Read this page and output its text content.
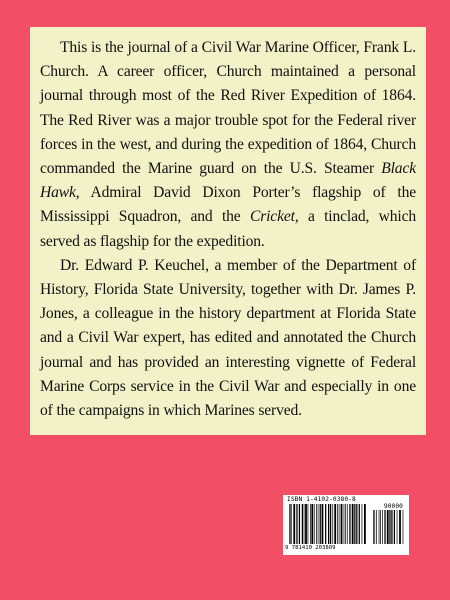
This is the journal of a Civil War Marine Officer, Frank L. Church. A career officer, Church maintained a personal journal through most of the Red River Expedition of 1864. The Red River was a major trouble spot for the Federal river forces in the west, and during the expedition of 1864, Church commanded the Marine guard on the U.S. Steamer Black Hawk, Admiral David Dixon Porter’s flagship of the Mississippi Squadron, and the Cricket, a tinclad, which served as flagship for the expedition.

Dr. Edward P. Keuchel, a member of the Department of History, Florida State University, together with Dr. James P. Jones, a colleague in the history department at Florida State and a Civil War expert, has edited and annotated the Church journal and has provided an interesting vignette of Federal Marine Corps service in the Civil War and especially in one of the campaigns in which Marines served.

ISBN 1-4102-0380-8
90000
9 781410 203809
